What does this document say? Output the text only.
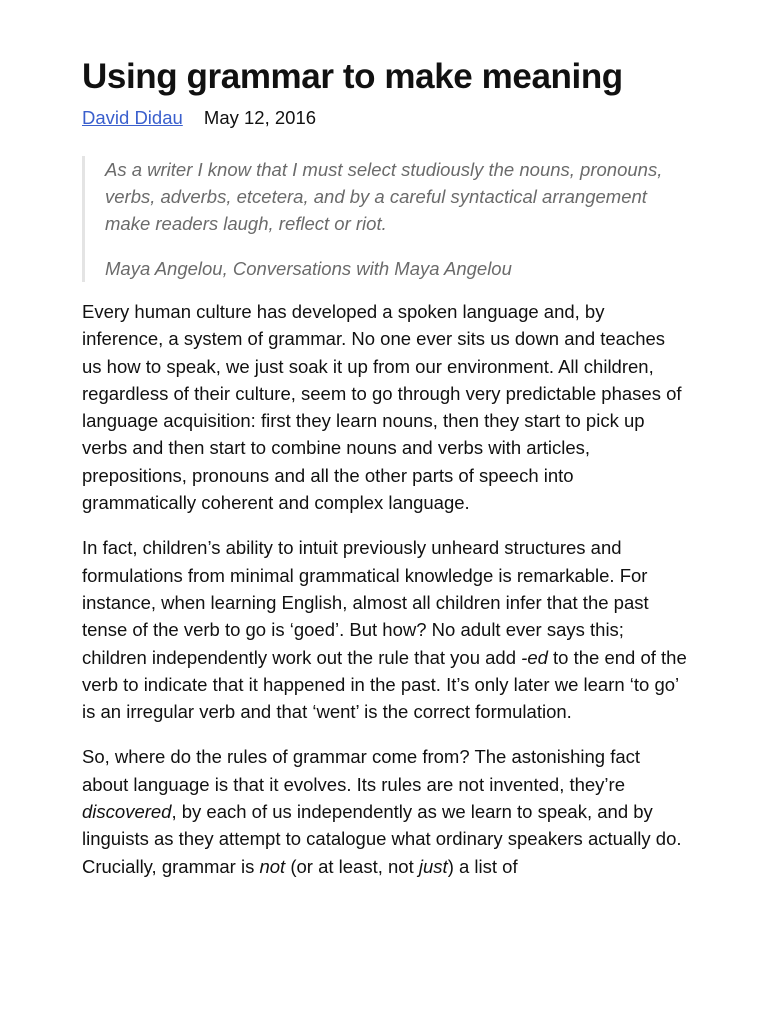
Using grammar to make meaning
David Didau May 12, 2016

As a writer I know that I must select studiously the nouns, pronouns, verbs, adverbs, etcetera, and by a careful syntactical arrangement make readers laugh, reflect or riot.

Maya Angelou, Conversations with Maya Angelou

Every human culture has developed a spoken language and, by inference, a system of grammar. No one ever sits us down and teaches us how to speak, we just soak it up from our environment. All children, regardless of their culture, seem to go through very predictable phases of language acquisition: first they learn nouns, then they start to pick up verbs and then start to combine nouns and verbs with articles, prepositions, pronouns and all the other parts of speech into grammatically coherent and complex language.

In fact, children’s ability to intuit previously unheard structures and formulations from minimal grammatical knowledge is remarkable. For instance, when learning English, almost all children infer that the past tense of the verb to go is ‘goed’. But how? No adult ever says this; children independently work out the rule that you add -ed to the end of the verb to indicate that it happened in the past. It’s only later we learn ‘to go’ is an irregular verb and that ‘went’ is the correct formulation.

So, where do the rules of grammar come from? The astonishing fact about language is that it evolves. Its rules are not invented, they’re discovered, by each of us independently as we learn to speak, and by linguists as they attempt to catalogue what ordinary speakers actually do. Crucially, grammar is not (or at least, not just) a list of
